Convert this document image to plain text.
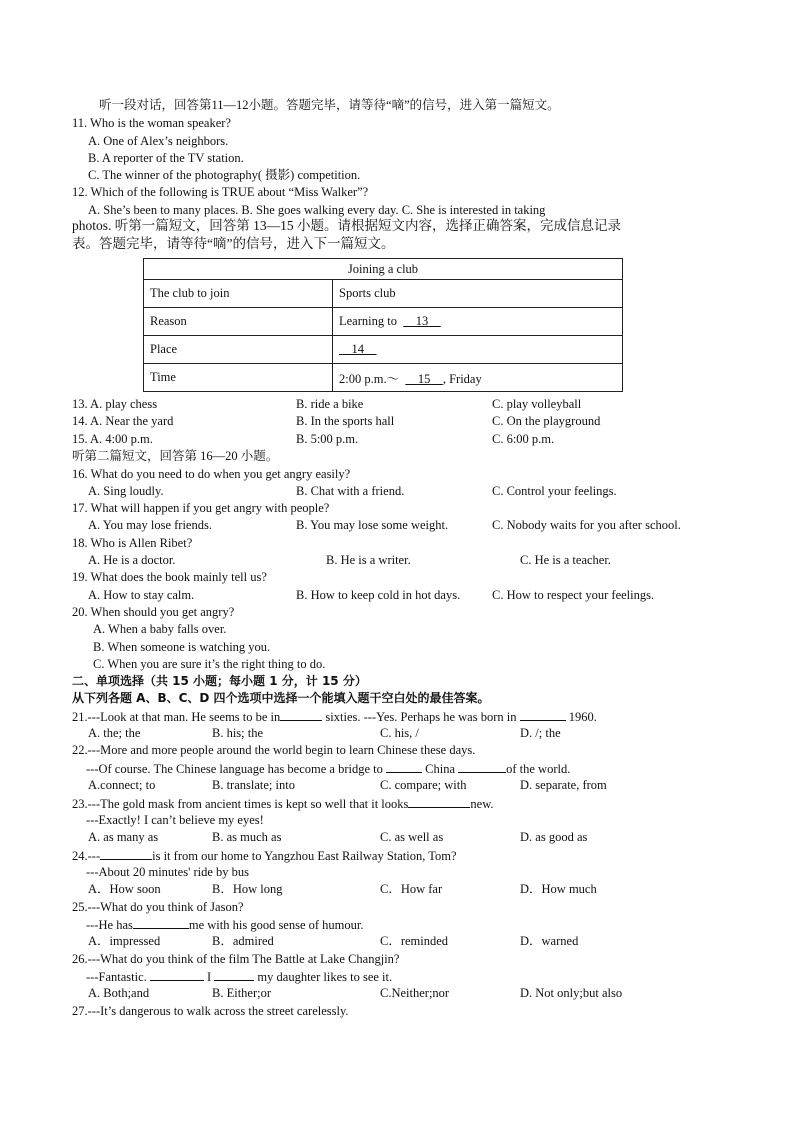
听一段对话，回答第11—12小题。答题完毕，请等待“嘀”的信号，进入第一篇短文。
11. Who is the woman speaker?
A. One of Alex’s neighbors.
B. A reporter of the TV station.
C. The winner of the photography( 摄影) competition.
12. Which of the following is TRUE about “Miss Walker”?
A. She’s been to many places. B. She goes walking every day. C. She is interested in taking
photos. 听第一篇短文，回答第 13—15 小题。请根据短文内容，选择正确答案，完成信息记录
表。答题完毕，请等待“嘀”的信号，进入下一篇短文。
Joining a club	
The club to join	Sports club
Reason	Learning to 13
Place	14
Time	2:00 p.m.～ 15 , Friday
13. A. play chess	B. ride a bike	C. play volleyball
14. A. Near the yard	B. In the sports hall	C. On the playground
15. A. 4:00 p.m.	B. 5:00 p.m.	C. 6:00 p.m.
听第二篇短文，回答第 16—20 小题。
16. What do you need to do when you get angry easily?
A. Sing loudly.	B. Chat with a friend.	C. Control your feelings.
17. What will happen if you get angry with people?
A. You may lose friends.	B. You may lose some weight.	C. Nobody waits for you after school.
18. Who is Allen Ribet?
A. He is a doctor.	B. He is a writer.	C. He is a teacher.
19. What does the book mainly tell us?
A. How to stay calm.	B. How to keep cold in hot days.	C. How to respect your feelings.
20. When should you get angry?
A. When a baby falls over.
B. When someone is watching you.
C. When you are sure it’s the right thing to do.
二、单项选择（共 15 小题；每小题 1 分，计 15 分）
从下列各题 A、B、C、D 四个选项中选择一个能填入题干空白处的最佳答案。
21.---Look at that man. He seems to be in	sixties. ---Yes. Perhaps he was born in	1960.
A. the; the	B. his; the	C. his, /	D. /; the
22.---More and more people around the world begin to learn Chinese these days.
---Of course. The Chinese language has become a bridge to	China	of the world.
A.connect; to	B. translate; into	C. compare; with	D. separate, from
23.---The gold mask from ancient times is kept so well that it looks	new.
---Exactly! I can’t believe my eyes!
A. as many as	B. as much as	C. as well as	D. as good as
24.---	is it from our home to Yangzhou East Railway Station, Tom?
---About 20 minutes' ride by bus
A．How soon	B．How long	C．How far	D．How much
25.---What do you think of Jason?
---He has	me with his good sense of humour.
A．impressed	B．admired	C．reminded	D．warned
26.---What do you think of the film The Battle at Lake Changjin?
---Fantastic.	I	my daughter likes to see it.
A. Both;and	B. Either;or	C.Neither;nor	D. Not only;but also
27.---It’s dangerous to walk across the street carelessly.
